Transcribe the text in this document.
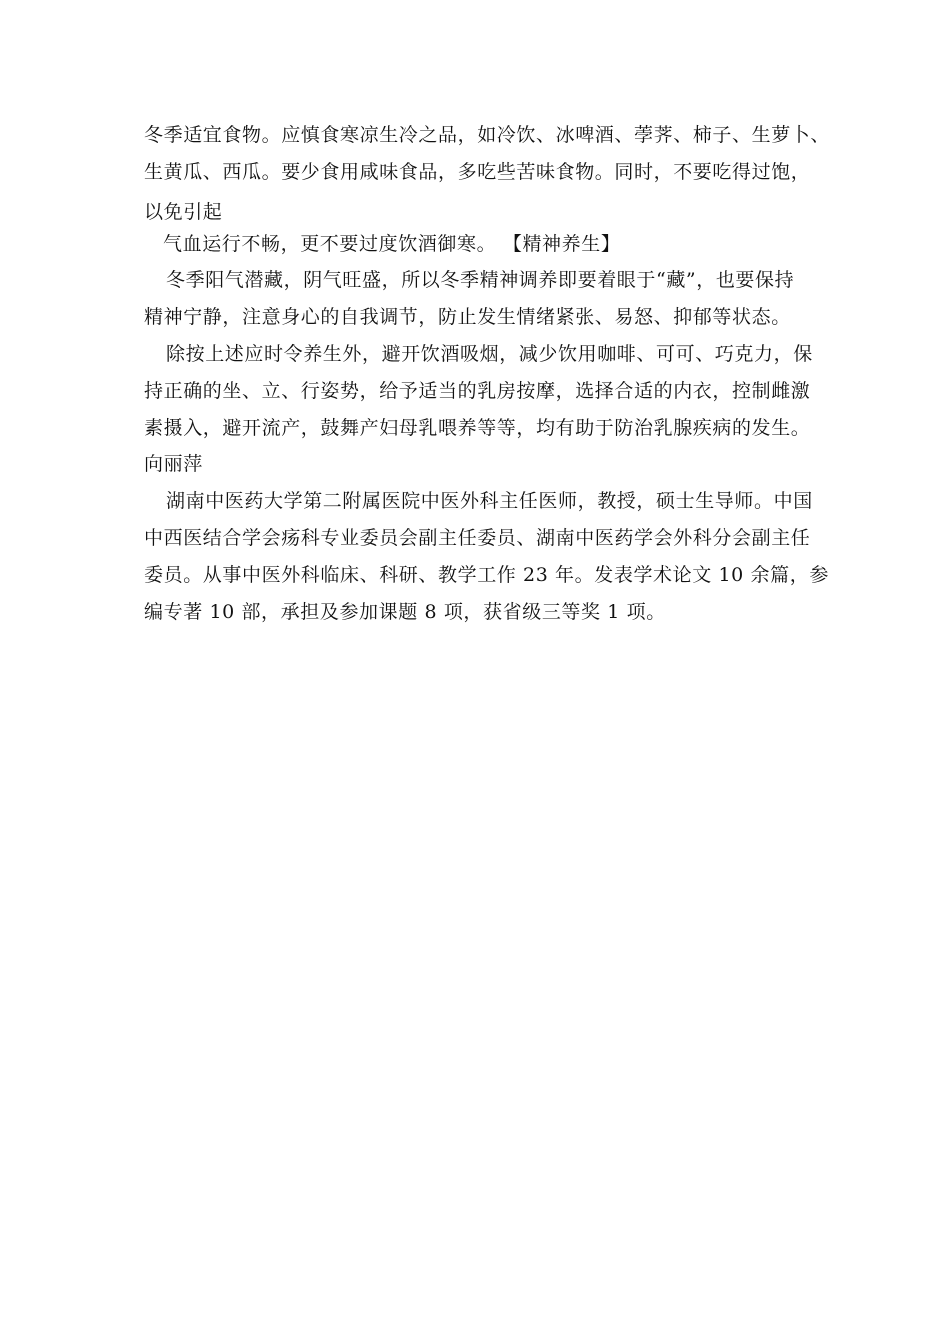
冬季适宜食物。应慎食寒凉生冷之品，如冷饮、冰啤酒、荸荠、柿子、生萝卜、
生黄瓜、西瓜。要少食用咸味食品，多吃些苦味食物。同时，不要吃得过饱，
以免引起
气血运行不畅，更不要过度饮酒御寒。 【精神养生】
冬季阳气潜藏，阴气旺盛，所以冬季精神调养即要着眼于“藏”，也要保持
精神宁静，注意身心的自我调节，防止发生情绪紧张、易怒、抑郁等状态。
除按上述应时令养生外，避开饮酒吸烟，减少饮用咖啡、可可、巧克力，保
持正确的坐、立、行姿势，给予适当的乳房按摩，选择合适的内衣，控制雌激
素摄入，避开流产，鼓舞产妇母乳喂养等等，均有助于防治乳腺疾病的发生。
向丽萍
湖南中医药大学第二附属医院中医外科主任医师，教授，硕士生导师。中国
中西医结合学会疡科专业委员会副主任委员、湖南中医药学会外科分会副主任
委员。从事中医外科临床、科研、教学工作 23 年。发表学术论文 10 余篇，参
编专著 10 部，承担及参加课题 8 项，获省级三等奖 1 项。
